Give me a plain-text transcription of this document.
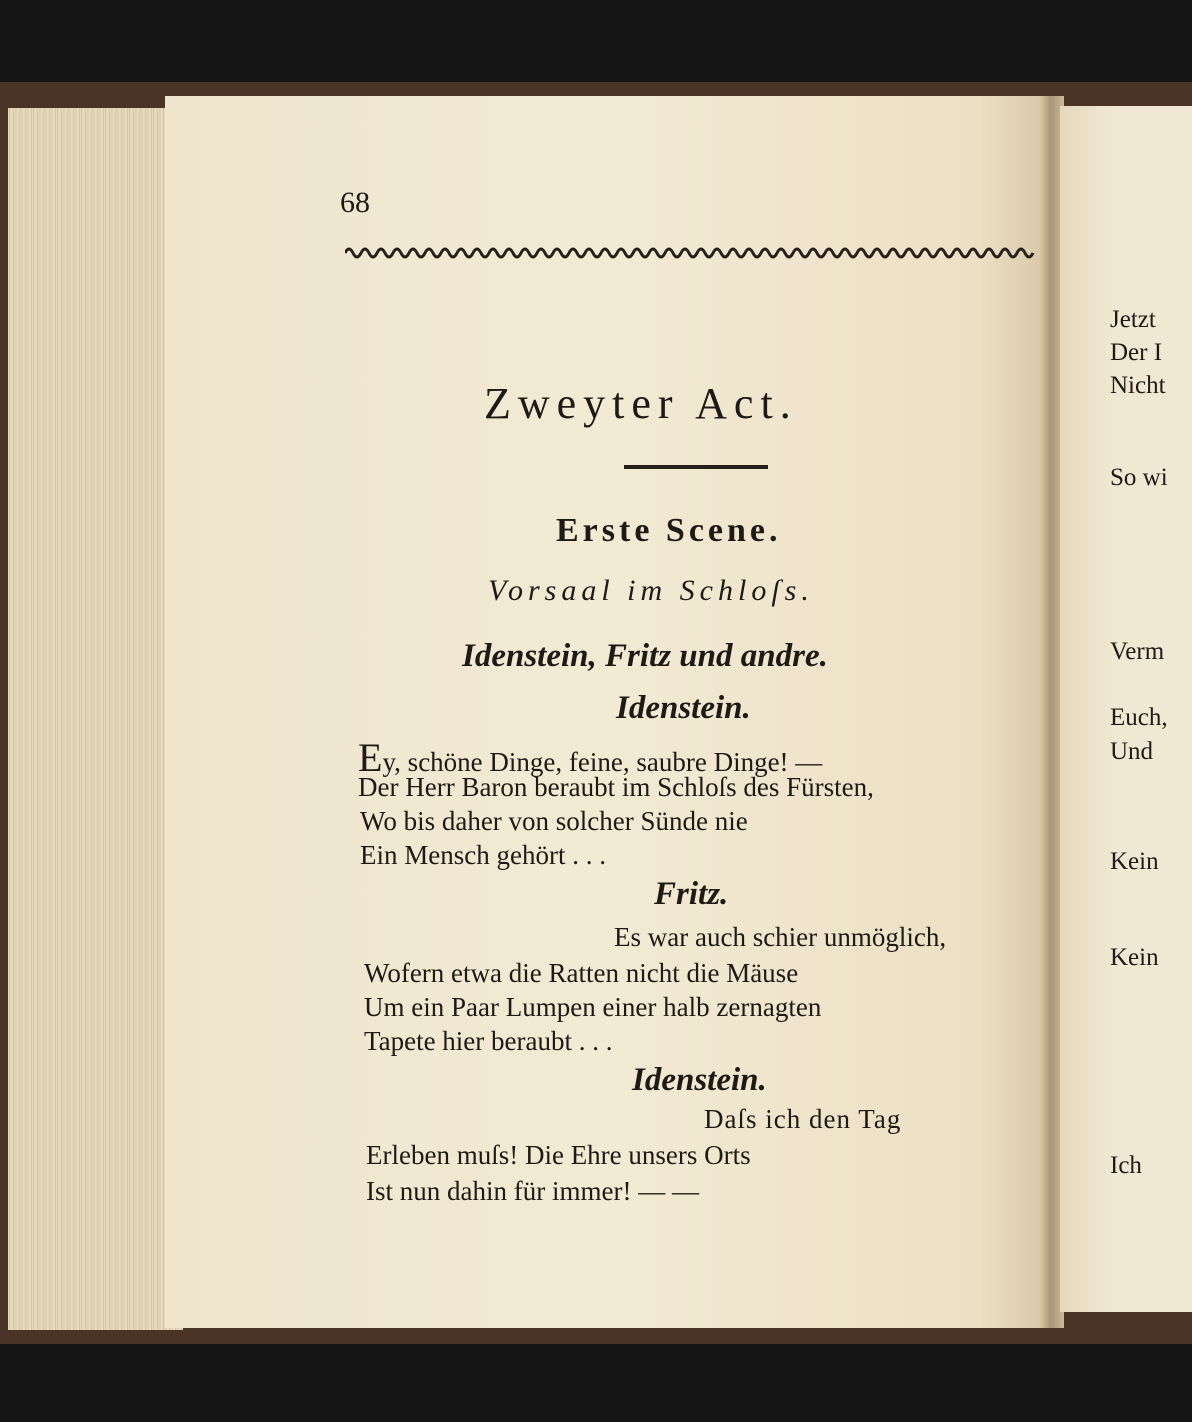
Jetzt
Der I
Nicht
So wi
Verm
Euch,
Und
Kein
Kein
Ich
68
Zweyter Act.
Erste Scene.
Vorsaal im Schloſs.
Idenstein, Fritz und andre.
Idenstein.
Ey, schöne Dinge, feine, saubre Dinge! —
Der Herr Baron beraubt im Schloſs des Fürsten,
Wo bis daher von solcher Sünde nie
Ein Mensch gehört . . .
Fritz.
Es war auch schier unmöglich,
Wofern etwa die Ratten nicht die Mäuse
Um ein Paar Lumpen einer halb zernagten
Tapete hier beraubt . . .
Idenstein.
Daſs ich den Tag
Erleben muſs! Die Ehre unsers Orts
Ist nun dahin für immer! — —
